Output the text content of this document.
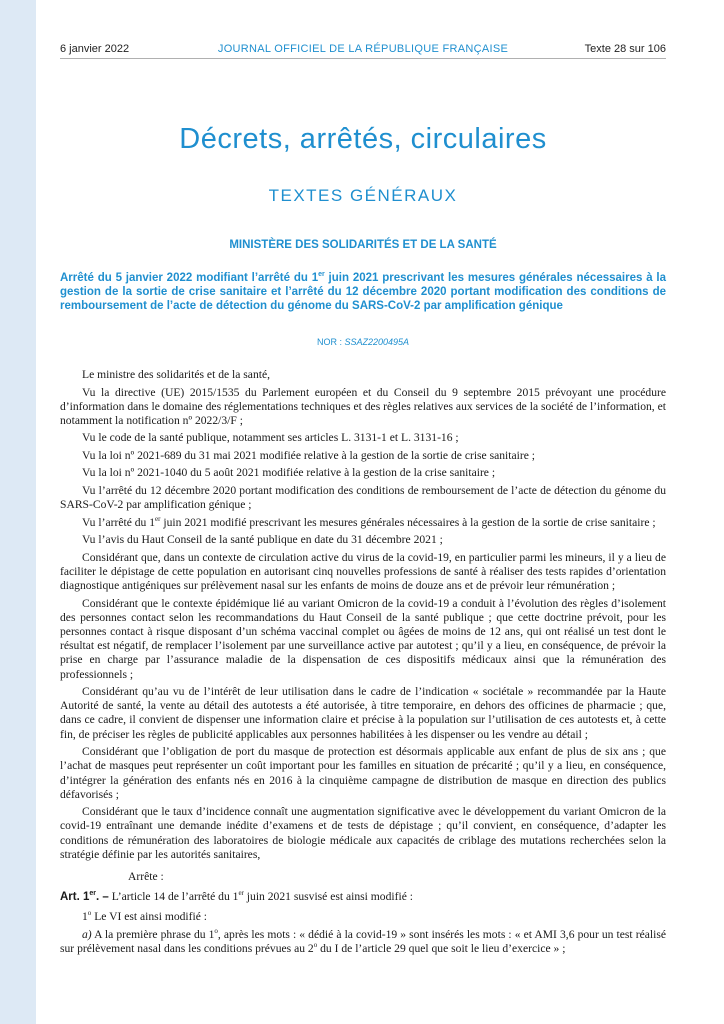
6 janvier 2022	JOURNAL OFFICIEL DE LA RÉPUBLIQUE FRANÇAISE	Texte 28 sur 106
Décrets, arrêtés, circulaires
TEXTES GÉNÉRAUX
MINISTÈRE DES SOLIDARITÉS ET DE LA SANTÉ
Arrêté du 5 janvier 2022 modifiant l’arrêté du 1er juin 2021 prescrivant les mesures générales nécessaires à la gestion de la sortie de crise sanitaire et l’arrêté du 12 décembre 2020 portant modification des conditions de remboursement de l’acte de détection du génome du SARS-CoV-2 par amplification génique
NOR : SSAZ2200495A

Le ministre des solidarités et de la santé,

Vu la directive (UE) 2015/1535 du Parlement européen et du Conseil du 9 septembre 2015 prévoyant une procédure d’information dans le domaine des réglementations techniques et des règles relatives aux services de la société de l’information, et notamment la notification nº 2022/3/F ;

Vu le code de la santé publique, notamment ses articles L. 3131-1 et L. 3131-16 ;

Vu la loi nº 2021-689 du 31 mai 2021 modifiée relative à la gestion de la sortie de crise sanitaire ;

Vu la loi nº 2021-1040 du 5 août 2021 modifiée relative à la gestion de la crise sanitaire ;

Vu l’arrêté du 12 décembre 2020 portant modification des conditions de remboursement de l’acte de détection du génome du SARS-CoV-2 par amplification génique ;

Vu l’arrêté du 1er juin 2021 modifié prescrivant les mesures générales nécessaires à la gestion de la sortie de crise sanitaire ;

Vu l’avis du Haut Conseil de la santé publique en date du 31 décembre 2021 ;

Considérant que, dans un contexte de circulation active du virus de la covid-19, en particulier parmi les mineurs, il y a lieu de faciliter le dépistage de cette population en autorisant cinq nouvelles professions de santé à réaliser des tests rapides d’orientation diagnostique antigéniques sur prélèvement nasal sur les enfants de moins de douze ans et de prévoir leur rémunération ;

Considérant que le contexte épidémique lié au variant Omicron de la covid-19 a conduit à l’évolution des règles d’isolement des personnes contact selon les recommandations du Haut Conseil de la santé publique ; que cette doctrine prévoit, pour les personnes contact à risque disposant d’un schéma vaccinal complet ou âgées de moins de 12 ans, qui ont réalisé un test dont le résultat est négatif, de remplacer l’isolement par une surveillance active par autotest ; qu’il y a lieu, en conséquence, de prévoir la prise en charge par l’assurance maladie de la dispensation de ces dispositifs médicaux ainsi que la rémunération des professionnels ;

Considérant qu’au vu de l’intérêt de leur utilisation dans le cadre de l’indication « sociétale » recommandée par la Haute Autorité de santé, la vente au détail des autotests a été autorisée, à titre temporaire, en dehors des officines de pharmacie ; que, dans ce cadre, il convient de dispenser une information claire et précise à la population sur l’utilisation de ces autotests et, à cette fin, de préciser les règles de publicité applicables aux personnes habilitées à les dispenser ou les vendre au détail ;

Considérant que l’obligation de port du masque de protection est désormais applicable aux enfant de plus de six ans ; que l’achat de masques peut représenter un coût important pour les familles en situation de précarité ; qu’il y a lieu, en conséquence, d’intégrer la génération des enfants nés en 2016 à la cinquième campagne de distribution de masque en direction des publics défavorisés ;

Considérant que le taux d’incidence connaît une augmentation significative avec le développement du variant Omicron de la covid-19 entraînant une demande inédite d’examens et de tests de dépistage ; qu’il convient, en conséquence, d’adapter les conditions de rémunération des laboratoires de biologie médicale aux capacités de criblage des mutations recherchées selon la stratégie définie par les autorités sanitaires,

Arrête :

Art. 1er. – L’article 14 de l’arrêté du 1er juin 2021 susvisé est ainsi modifié :

1$^o$ Le VI est ainsi modifié :

a) A la première phrase du 1$^o$, après les mots : « dédié à la covid-19 » sont insérés les mots : « et AMI 3,6 pour un test réalisé sur prélèvement nasal dans les conditions prévues au 2$^o$ du I de l’article 29 quel que soit le lieu d’exercice » ;
